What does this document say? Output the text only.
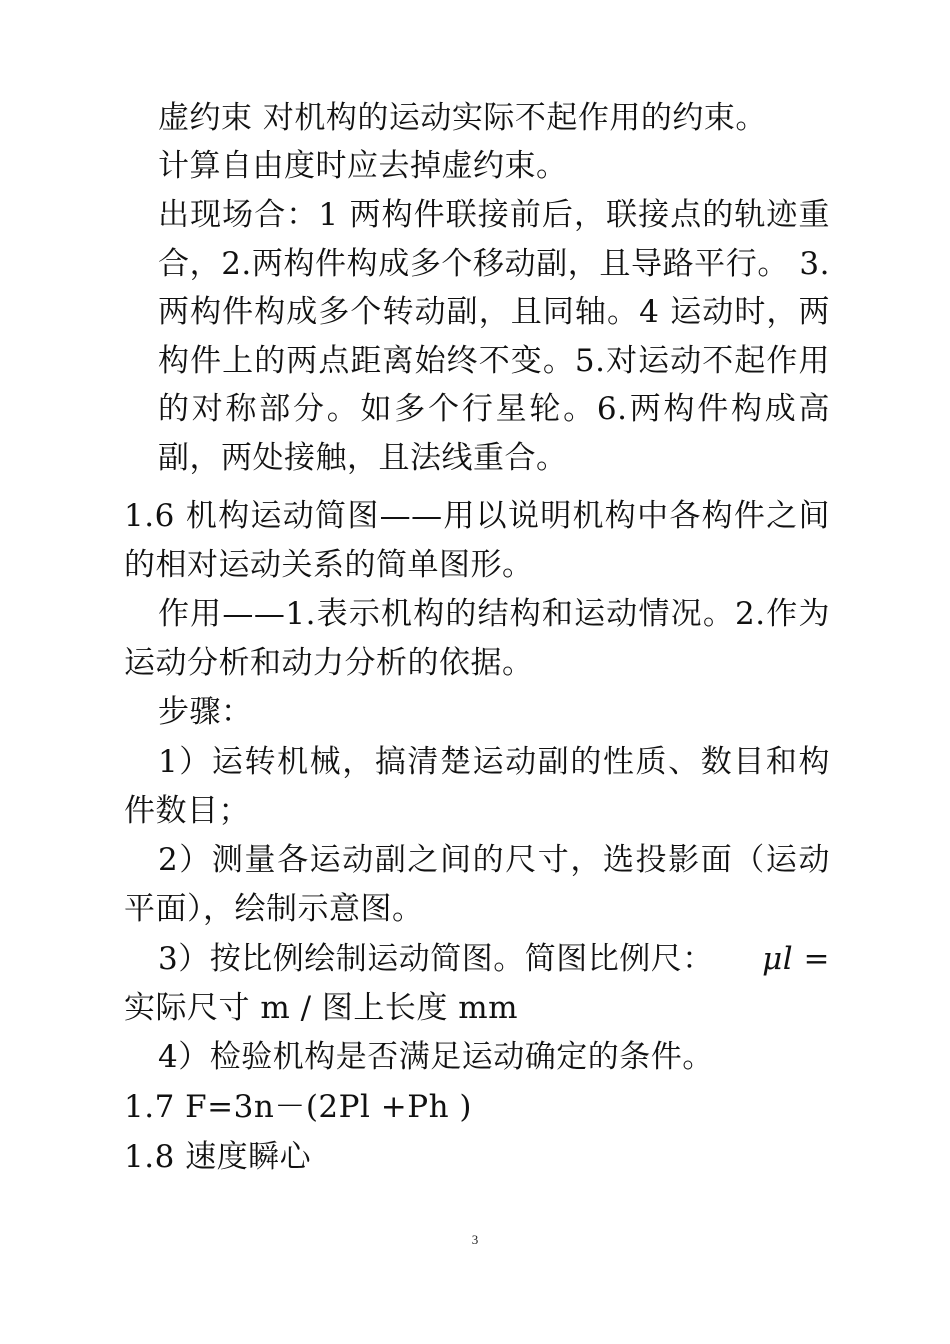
虚约束 对机构的运动实际不起作用的约束。

计算自由度时应去掉虚约束。

出现场合：1 两构件联接前后，联接点的轨迹重合，2.两构件构成多个移动副，且导路平行。 3.两构件构成多个转动副，且同轴。4 运动时，两构件上的两点距离始终不变。5.对运动不起作用的对称部分。如多个行星轮。6.两构件构成高副，两处接触，且法线重合。

1.6 机构运动简图——用以说明机构中各构件之间的相对运动关系的简单图形。

作用——1.表示机构的结构和运动情况。2.作为运动分析和动力分析的依据。

步骤：

1）运转机械，搞清楚运动副的性质、数目和构件数目；

2）测量各运动副之间的尺寸，选投影面（运动平面），绘制示意图。

3）按比例绘制运动简图。简图比例尺： μl =
实际尺寸 m / 图上长度 mm

4）检验机构是否满足运动确定的条件。

1.7 F=3n－(2Pl +Ph )

1.8 速度瞬心

3
